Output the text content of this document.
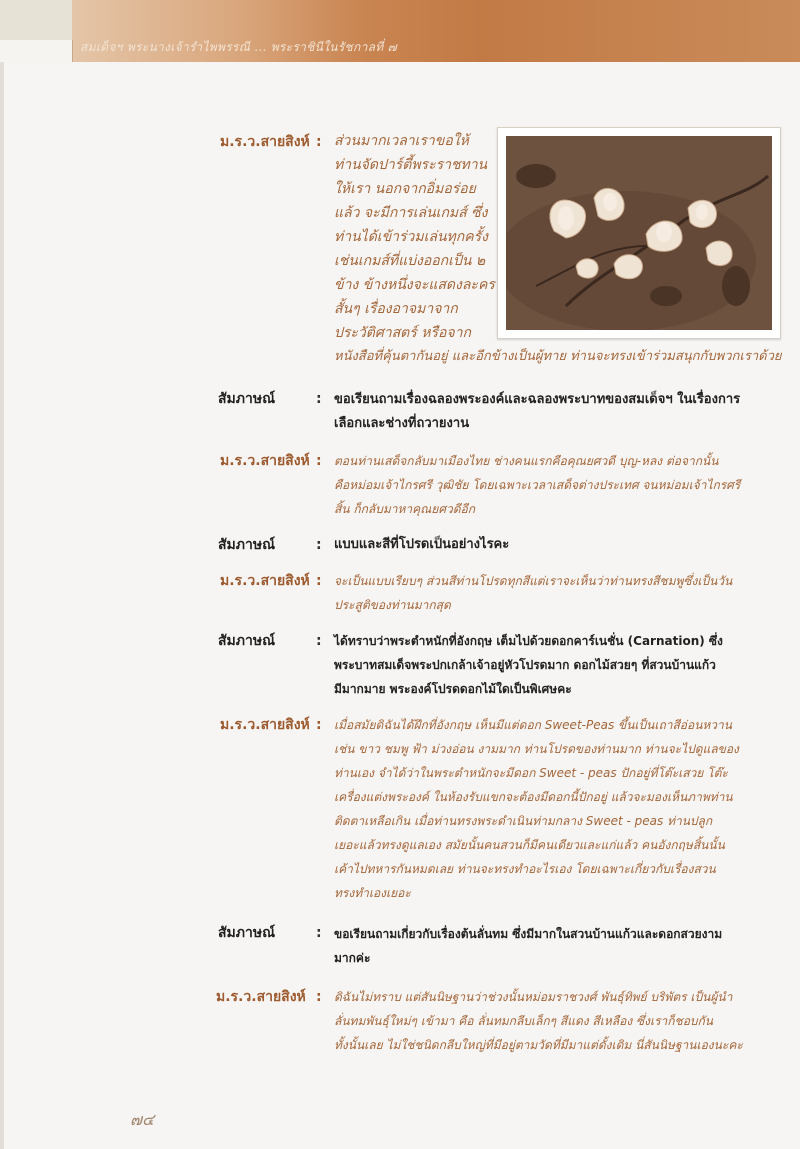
สมเด็จฯ พระนางเจ้ารำไพพรรณี ... พระราชินีในรัชกาลที่ ๗
ม.ร.ว.สายสิงห์ : ส่วนมากเวลาเราขอให้
ท่านจัดปาร์ตี้พระราชทาน
ให้เรา นอกจากอิ่มอร่อย
แล้ว จะมีการเล่นเกมส์ ซึ่ง
ท่านได้เข้าร่วมเล่นทุกครั้ง
เช่นเกมส์ที่แบ่งออกเป็น ๒
ข้าง ข้างหนึ่งจะแสดงละคร
สั้นๆ เรื่องอาจมาจาก
ประวัติศาสตร์ หรือจาก
หนังสือที่คุ้นตากันอยู่ และอีกข้างเป็นผู้ทาย ท่านจะทรงเข้าร่วมสนุกกับพวกเราด้วย
สัมภาษณ์	: ขอเรียนถามเรื่องฉลองพระองค์และฉลองพระบาทของสมเด็จฯ ในเรื่องการ
เลือกและช่างที่ถวายงาน
ม.ร.ว.สายสิงห์ : ตอนท่านเสด็จกลับมาเมืองไทย ช่างคนแรกคือคุณยศวดี บุญ-หลง ต่อจากนั้น
คือหม่อมเจ้าไกรศรี วุฒิชัย โดยเฉพาะเวลาเสด็จต่างประเทศ จนหม่อมเจ้าไกรศรี
สิ้น ก็กลับมาหาคุณยศวดีอีก
สัมภาษณ์	: แบบและสีที่โปรดเป็นอย่างไรคะ
ม.ร.ว.สายสิงห์ : จะเป็นแบบเรียบๆ ส่วนสีท่านโปรดทุกสีแต่เราจะเห็นว่าท่านทรงสีชมพูซึ่งเป็นวัน
ประสูติของท่านมากสุด
สัมภาษณ์	: ได้ทราบว่าพระตำหนักที่อังกฤษ เต็มไปด้วยดอกคาร์เนชั่น (Carnation) ซึ่ง
พระบาทสมเด็จพระปกเกล้าเจ้าอยู่หัวโปรดมาก ดอกไม้สวยๆ ที่สวนบ้านแก้ว
มีมากมาย พระองค์โปรดดอกไม้ใดเป็นพิเศษคะ
ม.ร.ว.สายสิงห์ : เมื่อสมัยดิฉันได้ฝึกที่อังกฤษ เห็นมีแต่ดอก Sweet-Peas ขึ้นเป็นเถาสีอ่อนหวาน
เช่น ขาว ชมพู ฟ้า ม่วงอ่อน งามมาก ท่านโปรดของท่านมาก ท่านจะไปดูแลของ
ท่านเอง จำได้ว่าในพระตำหนักจะมีดอก Sweet - peas ปักอยู่ที่โต๊ะเสวย โต๊ะ
เครื่องแต่งพระองค์ ในห้องรับแขกจะต้องมีดอกนี้ปักอยู่ แล้วจะมองเห็นภาพท่าน
ติดตาเหลือเกิน เมื่อท่านทรงพระดำเนินท่ามกลาง Sweet - peas ท่านปลูก
เยอะแล้วทรงดูแลเอง สมัยนั้นคนสวนก็มีคนเดียวและแก่แล้ว คนอังกฤษสิ้นนั้น
เค้าไปทหารกันหมดเลย ท่านจะทรงทำอะไรเอง โดยเฉพาะเกี่ยวกับเรื่องสวน
ทรงทำเองเยอะ
สัมภาษณ์	: ขอเรียนถามเกี่ยวกับเรื่องต้นลั่นทม ซึ่งมีมากในสวนบ้านแก้วและดอกสวยงาม
มากค่ะ
ม.ร.ว.สายสิงห์ : ดิฉันไม่ทราบ แต่สันนิษฐานว่าช่วงนั้นหม่อมราชวงศ์ พันธุ์ทิพย์ บริพัตร เป็นผู้นำ
ลั่นทมพันธุ์ใหม่ๆ เข้ามา คือ ลั่นทมกลีบเล็กๆ สีแดง สีเหลือง ซึ่งเราก็ชอบกัน
ทั้งนั้นเลย ไม่ใช่ชนิดกลีบใหญ่ที่มีอยู่ตามวัดที่มีมาแต่ดั้งเดิม นี่สันนิษฐานเองนะคะ
๗๔
